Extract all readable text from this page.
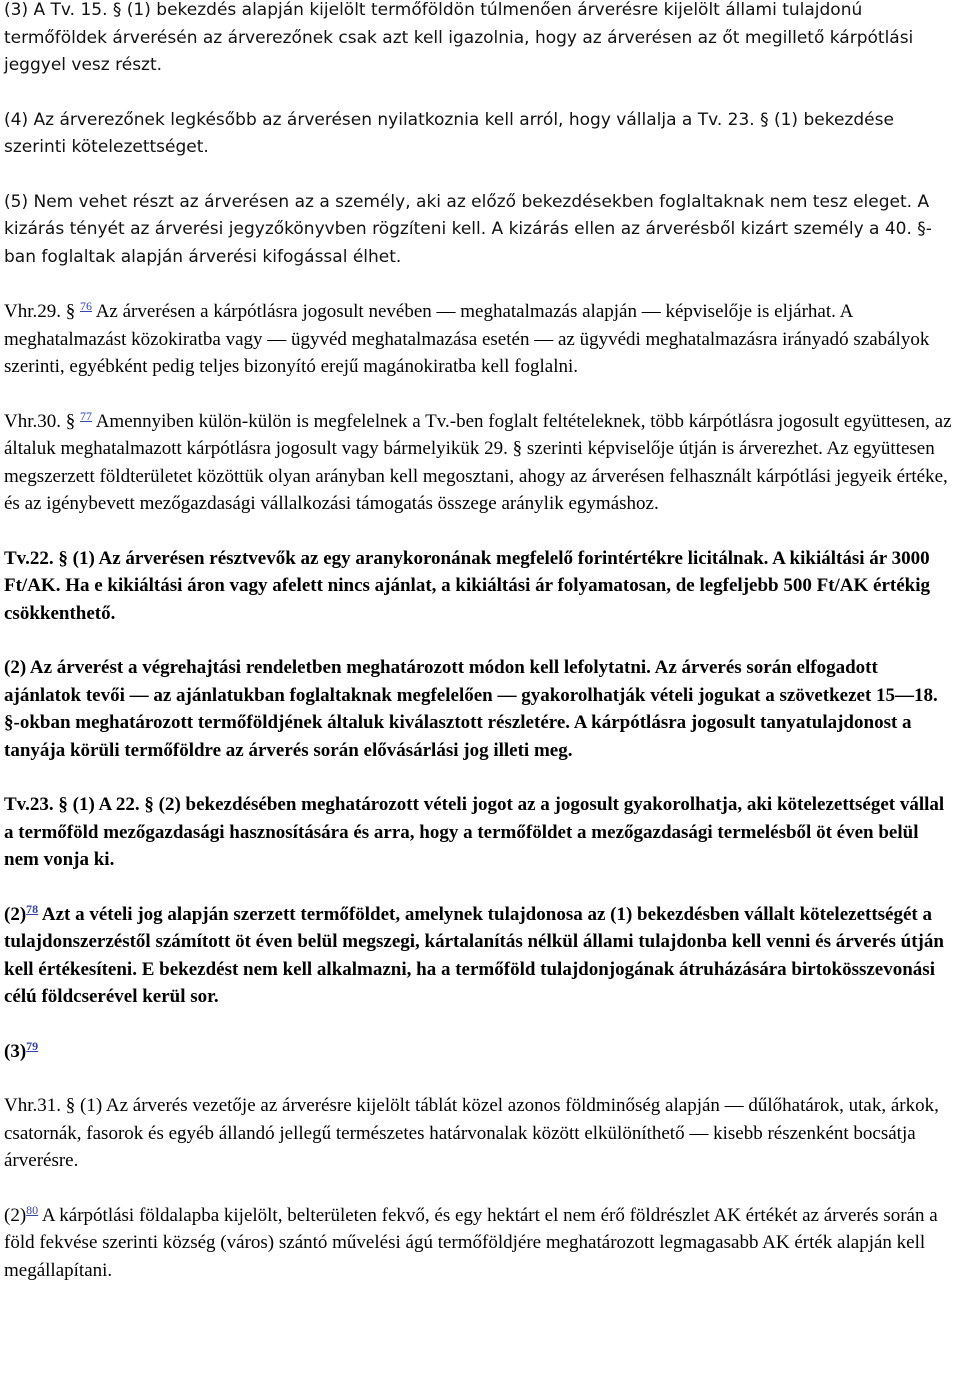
(3) A Tv. 15. § (1) bekezdés alapján kijelölt termőföldön túlmenően árverésre kijelölt állami tulajdonú termőföldek árverésén az árverezőnek csak azt kell igazolnia, hogy az árverésen az őt megillető kárpótlási jeggyel vesz részt.

(4) Az árverezőnek legkésőbb az árverésen nyilatkoznia kell arról, hogy vállalja a Tv. 23. § (1) bekezdése szerinti kötelezettséget.

(5) Nem vehet részt az árverésen az a személy, aki az előző bekezdésekben foglaltaknak nem tesz eleget. A kizárás tényét az árverési jegyzőkönyvben rögzíteni kell. A kizárás ellen az árverésből kizárt személy a 40. §-ban foglaltak alapján árverési kifogással élhet.

Vhr.29. § $^{76}$ Az árverésen a kárpótlásra jogosult nevében — meghatalmazás alapján — képviselője is eljárhat. A meghatalmazást közokiratba vagy — ügyvéd meghatalmazása esetén — az ügyvédi meghatalmazásra irányadó szabályok szerinti, egyébként pedig teljes bizonyító erejű magánokiratba kell foglalni.

Vhr.30. § $^{77}$ Amennyiben külön-külön is megfelelnek a Tv.-ben foglalt feltételeknek, több kárpótlásra jogosult együttesen, az általuk meghatalmazott kárpótlásra jogosult vagy bármelyikük 29. § szerinti képviselője útján is árverezhet. Az együttesen megszerzett földterületet közöttük olyan arányban kell megosztani, ahogy az árverésen felhasznált kárpótlási jegyeik értéke, és az igénybevett mezőgazdasági vállalkozási támogatás összege aránylik egymáshoz.

Tv.22. § (1) Az árverésen résztvevők az egy aranykoronának megfelelő forintértékre licitálnak. A kikiáltási ár 3000 Ft/AK. Ha e kikiáltási áron vagy afelett nincs ajánlat, a kikiáltási ár folyamatosan, de legfeljebb 500 Ft/AK értékig csökkenthető.

(2) Az árverést a végrehajtási rendeletben meghatározott módon kell lefolytatni. Az árverés során elfogadott ajánlatok tevői — az ajánlatukban foglaltaknak megfelelően — gyakorolhatják vételi jogukat a szövetkezet 15—18. §-okban meghatározott termőföldjének általuk kiválasztott részletére. A kárpótlásra jogosult tanyatulajdonost a tanyája körüli termőföldre az árverés során elővásárlási jog illeti meg.

Tv.23. § (1) A 22. § (2) bekezdésében meghatározott vételi jogot az a jogosult gyakorolhatja, aki kötelezettséget vállal a termőföld mezőgazdasági hasznosítására és arra, hogy a termőföldet a mezőgazdasági termelésből öt éven belül nem vonja ki.

(2)$^{78}$ Azt a vételi jog alapján szerzett termőföldet, amelynek tulajdonosa az (1) bekezdésben vállalt kötelezettségét a tulajdonszerzéstől számított öt éven belül megszegi, kártalanítás nélkül állami tulajdonba kell venni és árverés útján kell értékesíteni. E bekezdést nem kell alkalmazni, ha a termőföld tulajdonjogának átruházására birtokösszevonási célú földcserével kerül sor.

(3)$^{79}$

Vhr.31. § (1) Az árverés vezetője az árverésre kijelölt táblát közel azonos földminőség alapján — dűlőhatárok, utak, árkok, csatornák, fasorok és egyéb állandó jellegű természetes határvonalak között elkülöníthető — kisebb részenként bocsátja árverésre.

(2)$^{80}$ A kárpótlási földalapba kijelölt, belterületen fekvő, és egy hektárt el nem érő földrészlet AK értékét az árverés során a föld fekvése szerinti község (város) szántó művelési ágú termőföldjére meghatározott legmagasabb AK érték alapján kell megállapítani.
